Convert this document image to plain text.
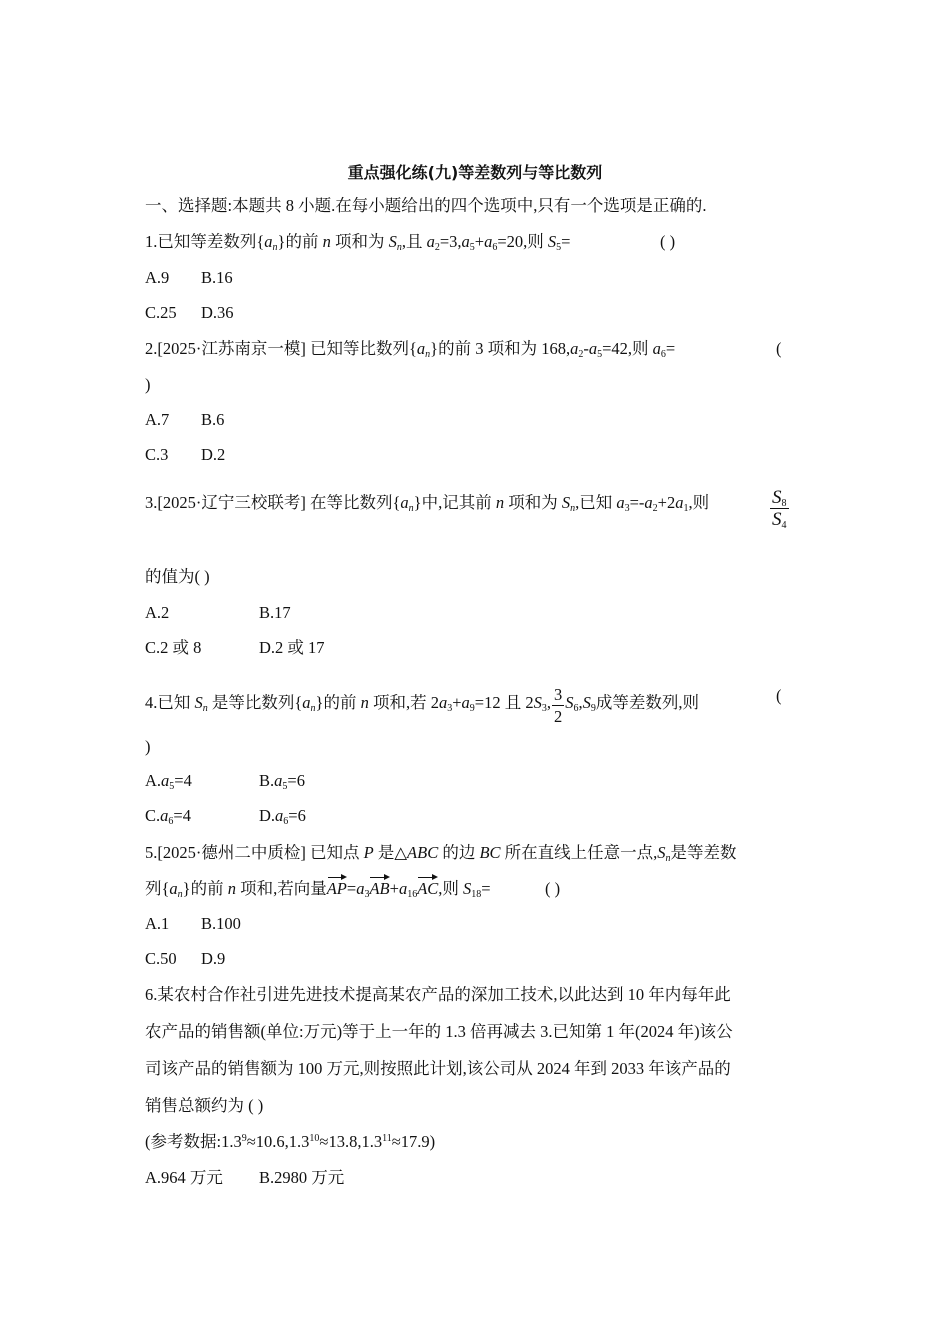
重点强化练(九)等差数列与等比数列
一、选择题:本题共 8 小题.在每小题给出的四个选项中,只有一个选项是正确的.
1.已知等差数列$\{a_n\}$的前 n 项和为 $S_n$,且 $a_2=3,a_5+a_6=20$,则 $S_5=$	( )
A.9 B.16
C.25 D.36
2.[2025·江苏南京一模] 已知等比数列$\{a_n\}$的前 3 项和为 $168,a_2-a_5=42$,则 $a_6=$	(
)
A.7 B.6
C.3 D.2
3.[2025·辽宁三校联考] 在等比数列$\{a_n\}$中,记其前 n 项和为 $S_n$,已知 $a_3=-a_2+2a_1$,则	$\frac{S_8}{S_4}$
的值为( )
A.2	B.17
C.2 或 8	D.2 或 17
4.已知 $S_n$ 是等比数列$\{a_n\}$的前 n 项和,若 $2a_3+a_9=12$ 且 $2S_3$, $\frac{3}{2} S_6,S_9$成等差数列,则	(
)
$A.a_5=4$	$B.a_5=6$
$C.a_6=4$	$D.a_6=6$
5.[2025·德州二中质检] 已知点 P 是△ABC 的边 BC 所在直线上任意一点$,S_n$是等差数
列$\{a_n\}$的前 n 项和,若向量$AP=a_3AB+a_{16}AC$,则 $S_{18}=$	( )
A.1 B.100
C.50 D.9
6.某农村合作社引进先进技术提高某农产品的深加工技术,以此达到 10 年内每年此
农产品的销售额(单位:万元)等于上一年的 1.3 倍再减去 3.已知第 1 年(2024 年)该公
司该产品的销售额为 100 万元,则按照此计划,该公司从 2024 年到 2033 年该产品的
销售总额约为 ( )
(参考数据$:1.3^9\approx 10.6,1.3^{10}\approx 13.8,1.3^{11}\approx 17.9$)
A.964 万元 B.2980 万元
